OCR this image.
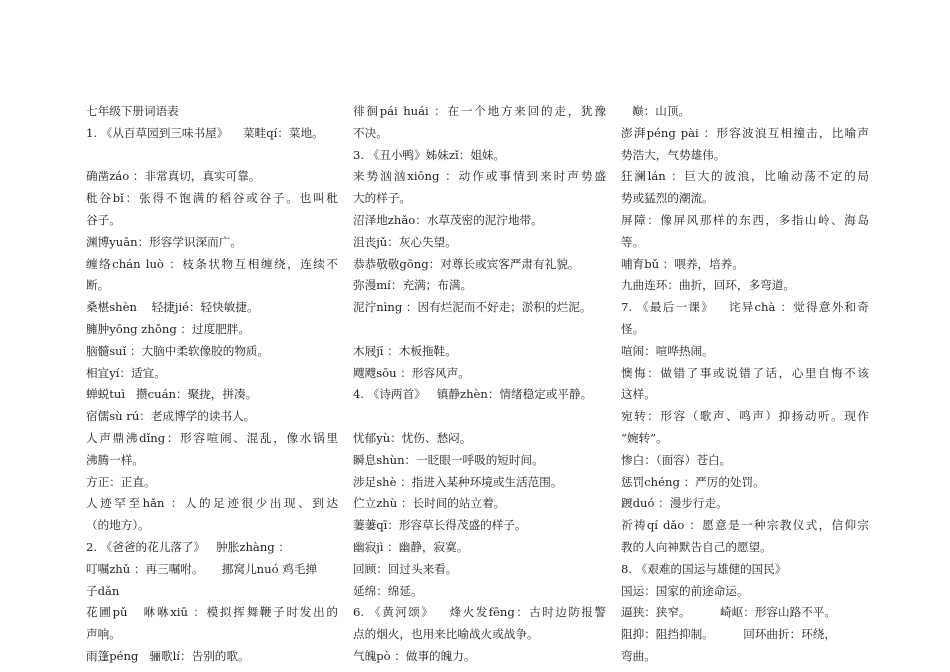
七年级下册词语表
1. 《从百草园到三味书屋》    菜畦qí：菜地。
确凿záo ：非常真切，真实可靠。
秕谷bǐ：张得不饱满的稻谷或谷子。也叫秕
谷子。
渊博yuān：形容学识深而广。
缠络chán luò ：枝条状物互相缠绕，连续不
断。
桑椹shèn    轻捷jié：轻快敏捷。
臃肿yōng zhǒng ：过度肥胖。
脑髓suǐ ：大脑中柔软像胶的物质。
相宜yí：适宜。
蝉蜕tuì   攒cuán：聚拢，拼凑。
宿儒sù rú：老成博学的读书人。
人声鼎沸dǐng：形容喧闹、混乱，像水锅里
沸腾一样。
方正：正直。
人迹罕至hǎn ：人的足迹很少出现、到达
（的地方）。
2. 《爸爸的花儿落了》   肿胀zhàng ：
叮嘱zhǔ ：再三嘱咐。     挪窝儿nuó 鸡毛掸
子dǎn
花圃pǔ   咻咻xiū ：模拟挥舞鞭子时发出的
声响。
雨篷péng   骊歌lí：告别的歌。
徘徊pái huái ：在一个地方来回的走，犹豫
不决。
3. 《丑小鸭》姊妹zǐ：姐妹。
来势汹汹xiōng ：动作或事情到来时声势盛
大的样子。
沼泽地zhǎo：水草茂密的泥泞地带。
沮丧jǔ：灰心失望。
恭恭敬敬gōng：对尊长或宾客严肃有礼貌。
弥漫mí：充满；布满。
泥泞nìng ：因有烂泥而不好走；淤积的烂泥。
木屐jī ：木板拖鞋。
飕飕sōu ：形容风声。
4. 《诗两首》   镇静zhèn：情绪稳定或平静。
忧郁yù：忧伤、愁闷。
瞬息shùn：一眨眼一呼吸的短时间。
涉足shè ：指进入某种环境或生活范围。
伫立zhù ：长时间的站立着。
萋萋qī：形容草长得茂盛的样子。
幽寂jì ：幽静，寂寞。
回顾：回过头来看。
延绵：绵延。
6. 《黄河颂》   烽火发fēng：古时边防报警
点的烟火，也用来比喻战火或战争。
气魄pò ：做事的魄力。
巅：山顶。
澎湃péng pài ：形容波浪互相撞击，比喻声
势浩大，气势雄伟。
狂澜lán ：巨大的波浪，比喻动荡不定的局
势或猛烈的潮流。
屏障：像屏风那样的东西，多指山岭、海岛
等。
哺育bǔ ：喂养，培养。
九曲连环：曲折，回环，多弯道。
7. 《最后一课》   诧异chà ：觉得意外和奇
怪。
喧闹：喧哗热闹。
懊悔：做错了事或说错了话，心里自悔不该
这样。
宛转：形容（歌声、鸣声）抑扬动听。现作
“婉转”。
惨白：（面容）苍白。
惩罚chéng ：严厉的处罚。
踱duó ：漫步行走。
祈祷qí dǎo ：愿意是一种宗教仪式，信仰宗
教的人向神默告自己的愿望。
8. 《艰难的国运与雄健的国民》
国运：国家的前途命运。
逼狭：狭窄。        崎岖：形容山路不平。
阻抑：阻挡抑制。        回环曲折：环绕，
弯曲。
